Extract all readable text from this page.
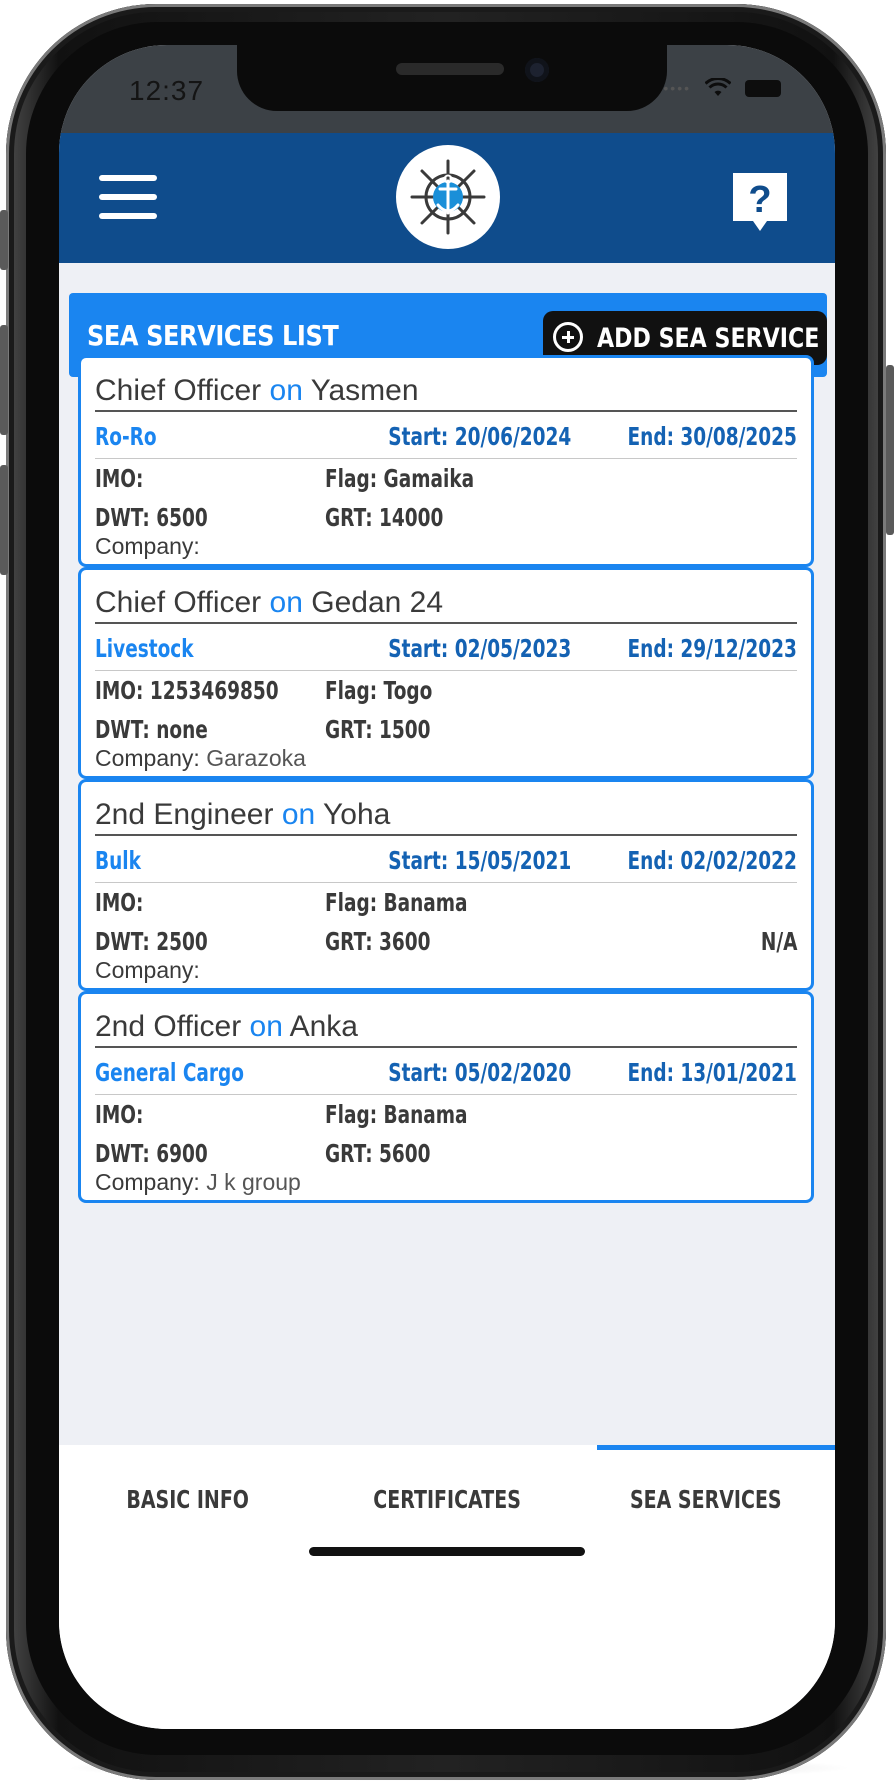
12:37	••••
?
SEA SERVICES LIST	ADD SEA SERVICE
Chief Officer on Yasmen
Ro-Ro	Start: 20/06/2024 End: 30/08/2025
IMO:	Flag: Gamaika
DWT: 6500	GRT: 14000
Company:
Chief Officer on Gedan 24
Livestock	Start: 02/05/2023 End: 29/12/2023
IMO: 1253469850 Flag: Togo
DWT: none	GRT: 1500
Company: Garazoka
2nd Engineer on Yoha
Bulk	Start: 15/05/2021 End: 02/02/2022
IMO:	Flag: Banama
DWT: 2500	GRT: 3600	N/A
Company:
2nd Officer on Anka
General Cargo	Start: 05/02/2020 End: 13/01/2021
IMO:	Flag: Banama
DWT: 6900	GRT: 5600
Company: J k group
BASIC INFO	CERTIFICATES	SEA SERVICES
